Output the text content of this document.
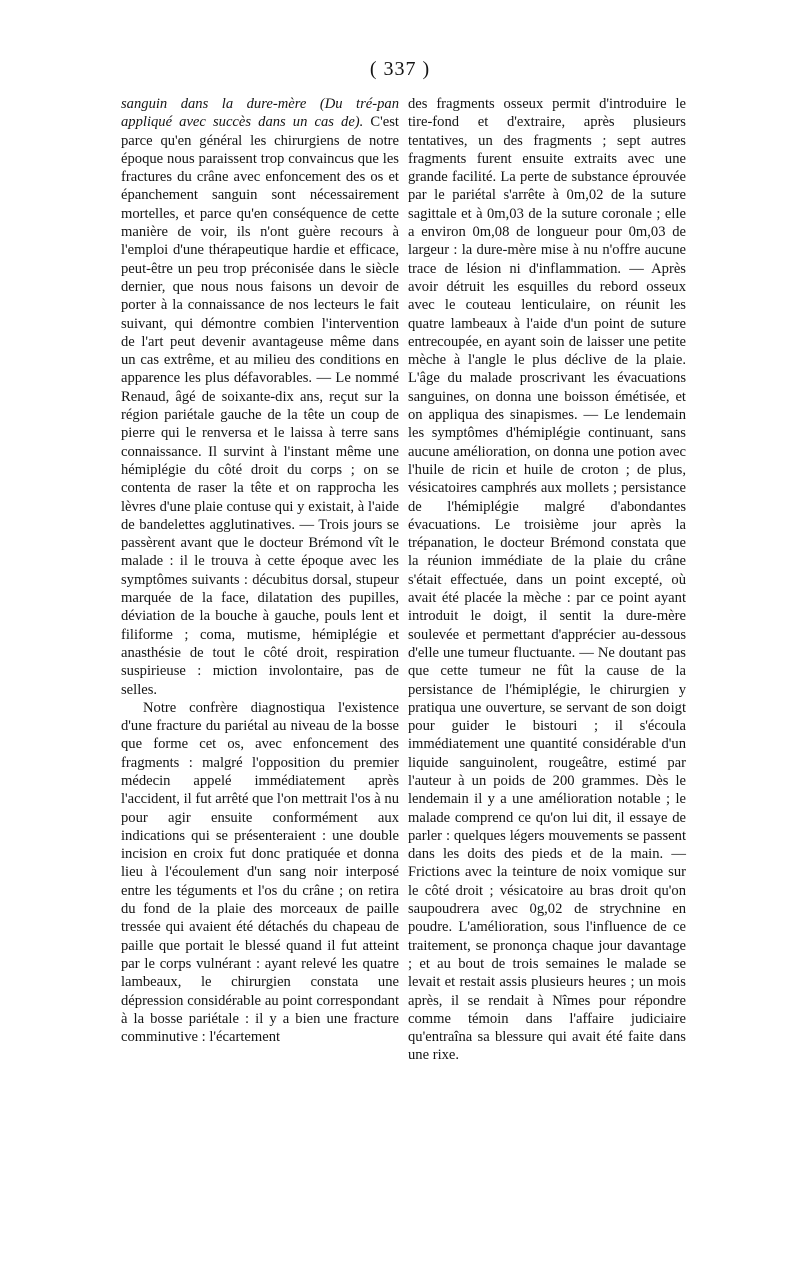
( 337 )

sanguin dans la dure-mère (Du tré-pan appliqué avec succès dans un cas de). C'est parce qu'en général les chirurgiens de notre époque nous paraissent trop convaincus que les fractures du crâne avec enfoncement des os et épanchement sanguin sont nécessairement mortelles, et parce qu'en conséquence de cette manière de voir, ils n'ont guère recours à l'emploi d'une thérapeutique hardie et efficace, peut-être un peu trop préconisée dans le siècle dernier, que nous nous faisons un devoir de porter à la connaissance de nos lecteurs le fait suivant, qui démontre combien l'intervention de l'art peut devenir avantageuse même dans un cas extrême, et au milieu des conditions en apparence les plus défavorables. — Le nommé Renaud, âgé de soixante-dix ans, reçut sur la région pariétale gauche de la tête un coup de pierre qui le renversa et le laissa à terre sans connaissance. Il survint à l'instant même une hémiplégie du côté droit du corps ; on se contenta de raser la tête et on rapprocha les lèvres d'une plaie contuse qui y existait, à l'aide de bandelettes agglutinatives. — Trois jours se passèrent avant que le docteur Brémond vît le malade : il le trouva à cette époque avec les symptômes suivants : décubitus dorsal, stupeur marquée de la face, dilatation des pupilles, déviation de la bouche à gauche, pouls lent et filiforme ; coma, mutisme, hémiplégie et anasthésie de tout le côté droit, respiration suspirieuse : miction involontaire, pas de selles.

Notre confrère diagnostiqua l'existence d'une fracture du pariétal au niveau de la bosse que forme cet os, avec enfoncement des fragments : malgré l'opposition du premier médecin appelé immédiatement après l'accident, il fut arrêté que l'on mettrait l'os à nu pour agir ensuite conformément aux indications qui se présenteraient : une double incision en croix fut donc pratiquée et donna lieu à l'écoulement d'un sang noir interposé entre les téguments et l'os du crâne ; on retira du fond de la plaie des morceaux de paille tressée qui avaient été détachés du chapeau de paille que portait le blessé quand il fut atteint par le corps vulnérant : ayant relevé les quatre lambeaux, le chirurgien constata une dépression considérable au point correspondant à la bosse pariétale : il y a bien une fracture comminutive : l'écartement

des fragments osseux permit d'introduire le tire-fond et d'extraire, après plusieurs tentatives, un des fragments ; sept autres fragments furent ensuite extraits avec une grande facilité. La perte de substance éprouvée par le pariétal s'arrête à 0m,02 de la suture sagittale et à 0m,03 de la suture coronale ; elle a environ 0m,08 de longueur pour 0m,03 de largeur : la dure-mère mise à nu n'offre aucune trace de lésion ni d'inflammation. — Après avoir détruit les esquilles du rebord osseux avec le couteau lenticulaire, on réunit les quatre lambeaux à l'aide d'un point de suture entrecoupée, en ayant soin de laisser une petite mèche à l'angle le plus déclive de la plaie. L'âge du malade proscrivant les évacuations sanguines, on donna une boisson émétisée, et on appliqua des sinapismes. — Le lendemain les symptômes d'hémiplégie continuant, sans aucune amélioration, on donna une potion avec l'huile de ricin et huile de croton ; de plus, vésicatoires camphrés aux mollets ; persistance de l'hémiplégie malgré d'abondantes évacuations. Le troisième jour après la trépanation, le docteur Brémond constata que la réunion immédiate de la plaie du crâne s'était effectuée, dans un point excepté, où avait été placée la mèche : par ce point ayant introduit le doigt, il sentit la dure-mère soulevée et permettant d'apprécier au-dessous d'elle une tumeur fluctuante. — Ne doutant pas que cette tumeur ne fût la cause de la persistance de l'hémiplégie, le chirurgien y pratiqua une ouverture, se servant de son doigt pour guider le bistouri ; il s'écoula immédiatement une quantité considérable d'un liquide sanguinolent, rougeâtre, estimé par l'auteur à un poids de 200 grammes. Dès le lendemain il y a une amélioration notable ; le malade comprend ce qu'on lui dit, il essaye de parler : quelques légers mouvements se passent dans les doits des pieds et de la main. — Frictions avec la teinture de noix vomique sur le côté droit ; vésicatoire au bras droit qu'on saupoudrera avec 0g,02 de strychnine en poudre. L'amélioration, sous l'influence de ce traitement, se prononça chaque jour davantage ; et au bout de trois semaines le malade se levait et restait assis plusieurs heures ; un mois après, il se rendait à Nîmes pour répondre comme témoin dans l'affaire judiciaire qu'entraîna sa blessure qui avait été faite dans une rixe.
